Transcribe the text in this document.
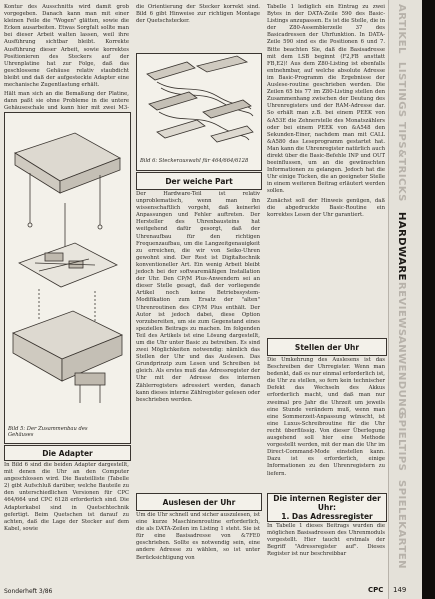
Kontur des Ausschnitts wird damit grob vorgegeben. Danach kann man mit einer kleinen Feile die "Wogen" glätten, sowie die Ecken ausarbeiten. Etwas Sorgfalt sollte man bei dieser Arbeit walten lassen, weil ihre Ausführung sichtbar bleibt. Korrekte Ausführung dieser Arbeit, sowie korrektes Positionieren des Steckers auf der Uhrenplatine hat zur Folge, daß das geschlossene Gehäuse relativ staubdicht bleibt und daß der aufgesteckte Adapter eine mechanische Zugentlastung erhält.

Hält man sich an die Bemaßung der Platine, dann paßt sie ohne Probleme in die untere Gehäuseschale und kann hier mit zwei M3-

Bild 5: Der Zusammenbau des Gehäuses
Die Adapter

In Bild 6 sind die beiden Adapter dargestellt, mit denen die Uhr an den Computer angeschlossen wird. Die Bauteilliste (Tabelle 2) gibt Aufschluß darüber, welche Bauteile zu den unterschiedlichen Versionen für CPC 464/664 und CPC 6128 erforderlich sind. Die Adapterkabel sind in Quetschtechnik gefertigt. Beim Quetschen ist darauf zu achten, daß die Lage der Stecker auf dem Kabel, sowie

die Orientierung der Stecker korrekt sind. Bild 6 gibt Hinweise zur richtigen Montage der Quetschstecker.

Bild 6: Steckerauswahl für 464/664/6128
Der weiche Part

Der Hardware-Teil ist relativ unproblematisch, wenn man ihn wissenschaftlich vorgeht, daß keinerlei Anpassungen und Fehler auftreten. Der Hersteller des Uhrenbausteins hat weitgehend dafür gesorgt, daß der Uhrenaufbau für den richtigen Frequenzaufbau, um die Langzeitgenauigkeit zu erreichen, die wir von Seiko-Uhren gewohnt sind. Der Rest ist Digitaltechnik konventioneller Art. Ein wenig Arbeit bleibt jedoch bei der softwaremäßigen Installation der Uhr. Den CP/M Plus-Anwendern sei an dieser Stelle gesagt, daß der vorliegende Artikel noch keine Betriebssystem-Modifikation zum Ersatz der "alten" Uhrenroutinen des CP/M Plus enthält. Der Autor ist jedoch dabei, diese Option vorzubereiten, um sie zum Gegenstand eines speziellen Beitrags zu machen. Im folgenden Teil des Artikels ist eine Lösung dargestellt, um die Uhr unter Basic zu betreiben. Es sind zwei Möglichkeiten notwendig: nämlich das Stellen der Uhr und das Auslesen. Das Grundprinzip zum Lesen und Schreiben ist gleich. Als erstes muß das Adressregister der Uhr mit der Adresse des internen Zählerregisters adressiert werden, danach kann dieses interne Zählregister gelesen oder beschrieben werden.

Auslesen der Uhr

Um die Uhr schnell und sicher auszulesen, ist eine kurze Maschinenroutine erforderlich, die als DATA-Zeilen im Listing 1 steht. Sie ist für eine Basisadresse von &7FE0 geschrieben. Sollte es notwendig sein, eine andere Adresse zu wählen, so ist unter Berücksichtigung von

Tabelle 1 lediglich ein Eintrag zu zwei Bytes in der DATA-Zeile 590 des Basic-Listings anzupassen. Es ist die Stelle, die in der Z80-Assemblerzeile 37 des Basicadressen der Uhrfunktion. In DATA-Zeile 590 sind es die Positionen 6 und 7. Bitte beachten Sie, daß die Basisadresse mit dem LSB beginnt (F2,FB ansttatt FB,E2)! Aus dem Z80-Listing ist ebenfalls entnehmbar, auf welche absolute Adresse im Basic-Programm die Ergebnisse der Auslese-routine geschrieben werden. Die Zeilen 65 bis 77 im Z80-Listing stellen den Zusammenhang zwischen der Deutung des Uhrenregisters und der RAM-Adresse dar. So erhält man z.B. bei einem PEEK von &A53E die Zehnerstelle des Monatszählers oder bei einem PEEK von &A548 den Sekunden-Einer, nachdem man mit CALL &A580 das Leseprogramm gestartet hat. Man kann die Uhrenregister natürlich auch direkt über die Basic-Befehle INP und OUT beeinflussen, um an die gewünschten Informationen zu gelangen. Jedoch hat die Uhr einige Tücken, die an geeigneter Stelle in einem weiteren Beitrag erläutert werden sollen.

Zunächst soll der Hinweis genügen, daß die abgedruckte Basic-Routine ein korrektes Lesen der Uhr garantiert.

Stellen der Uhr

Die Umkehrung des Auslesens ist das Beschreiben der Uhrregister. Wenn man bedenkt, daß es nur einmal erforderlich ist, die Uhr zu stellen, so fern kein technischer Defekt das Wechseln des Akkus erforderlich macht, und daß man nur zweimal pro Jahr die Uhrzeit um jeweils eine Stunde verändern muß, wenn man eine Sommerzeit-Anpassung wünscht, ist eine Luxus-Schreibroutine für die Uhr recht überflüssig. Von dieser Überlegung ausgehend soll hier eine Methode vorgestellt werden, mit der man die Uhr im Direct-Command-Mode einstellen kann. Dazu ist es erforderlich, einige Informationen zu den Uhrenregistern zu liefern.

Die internen Register der Uhr:
1. Das Adressregister

In Tabelle 1 dieses Beitrags wurden die möglichen Basisadressen des Uhrenmoduls vorgestellt. Hier taucht erstmals der Begriff "Adressregister auf". Dieses Register ist nur beschreibbar

ARTIKEL
LISTINGS
TIPS&TRICKS
HARDWARE
REVIEWS
ANWENDUNG
SPIELTIPS
SPIELEKARTEN
Sonderheft 3/86	CPC 149
